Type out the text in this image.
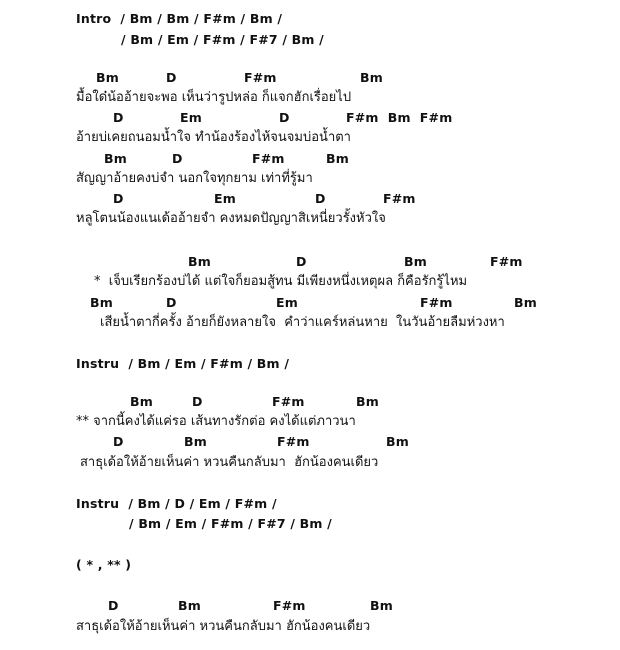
Intro  / Bm / Bm / F#m / Bm /
/ Bm / Em / F#m / F#7 / Bm /
Bm	D	F#m	Bm
มื้อใด๋น้ออ้ายจะพอ เห็นว่ารูปหล่อ ก็แจกฮักเรื่อยไป
D	Em	D	F#m  Bm  F#m
อ้ายบ่เคยถนอมน้ำใจ ทำน้องร้องไห้จนจมบ่อน้ำตา
Bm	D	F#m	Bm
สัญญาอ้ายคงบ่จำ นอกใจทุกยาม เท่าที่รู้มา
D	Em	D	F#m
หลูโตนน้องแนเด้ออ้ายจำ คงหมดปัญญาสิเหนี่ยวรั้งหัวใจ
Bm	D	Bm	F#m
*  เจ็บเรียกร้องบ่ได้ แต่ใจก็ยอมสู้ทน มีเพียงหนึ่งเหตุผล ก็คือรักรู้ไหม
Bm	D	Em	F#m	Bm
เสียน้ำตากี่ครั้ง อ้ายก็ยังหลายใจ  คำว่าแคร์หล่นหาย  ในวันอ้ายลืมห่วงหา
Instru  / Bm / Em / F#m / Bm /
Bm	D	F#m	Bm
** จากนี้คงได้แค่รอ เส้นทางรักต่อ คงได้แต่ภาวนา
D	Bm	F#m	Bm
สาธุเด้อให้อ้ายเห็นค่า หวนคืนกลับมา  ฮักน้องคนเดียว
Instru  / Bm / D / Em / F#m /
/ Bm / Em / F#m / F#7 / Bm /
( * , ** )
D	Bm	F#m	Bm
สาธุเด้อให้อ้ายเห็นค่า หวนคืนกลับมา ฮักน้องคนเดียว
